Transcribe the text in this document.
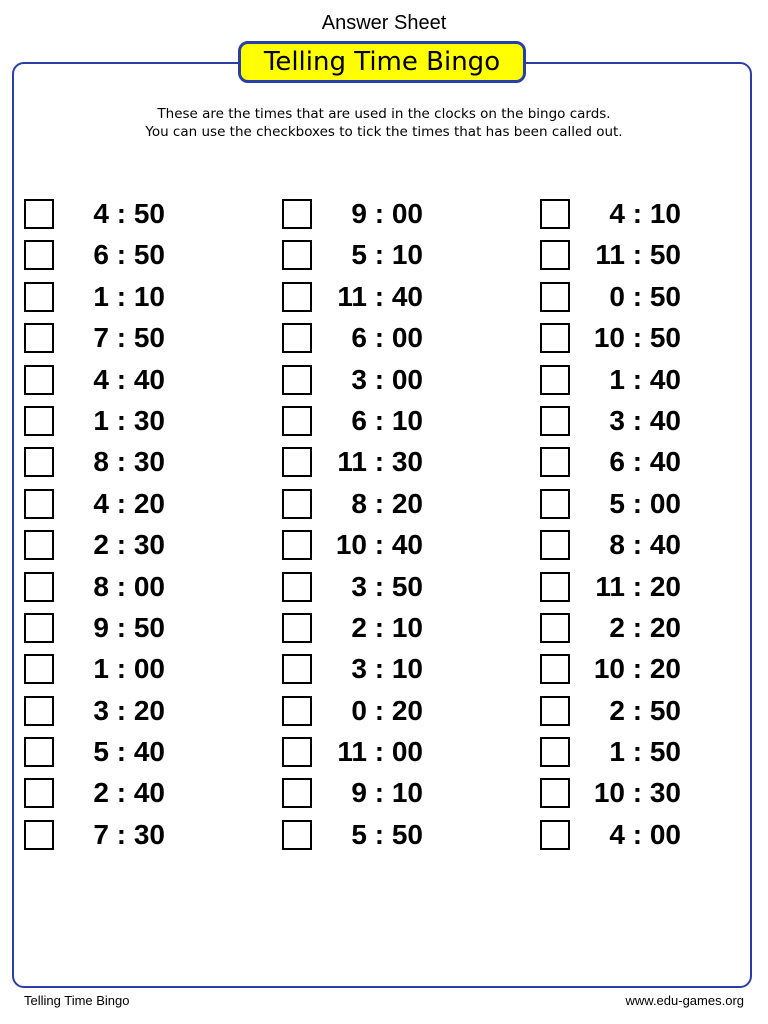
Answer Sheet
Telling Time Bingo
These are the times that are used in the clocks on the bingo cards.
You can use the checkboxes to tick the times that has been called out.
4 : 50
6 : 50
1 : 10
7 : 50
4 : 40
1 : 30
8 : 30
4 : 20
2 : 30
8 : 00
9 : 50
1 : 00
3 : 20
5 : 40
2 : 40
7 : 30
9 : 00
5 : 10
11 : 40
6 : 00
3 : 00
6 : 10
11 : 30
8 : 20
10 : 40
3 : 50
2 : 10
3 : 10
0 : 20
11 : 00
9 : 10
5 : 50
4 : 10
11 : 50
0 : 50
10 : 50
1 : 40
3 : 40
6 : 40
5 : 00
8 : 40
11 : 20
2 : 20
10 : 20
2 : 50
1 : 50
10 : 30
4 : 00
Telling Time Bingo	www.edu-games.org
